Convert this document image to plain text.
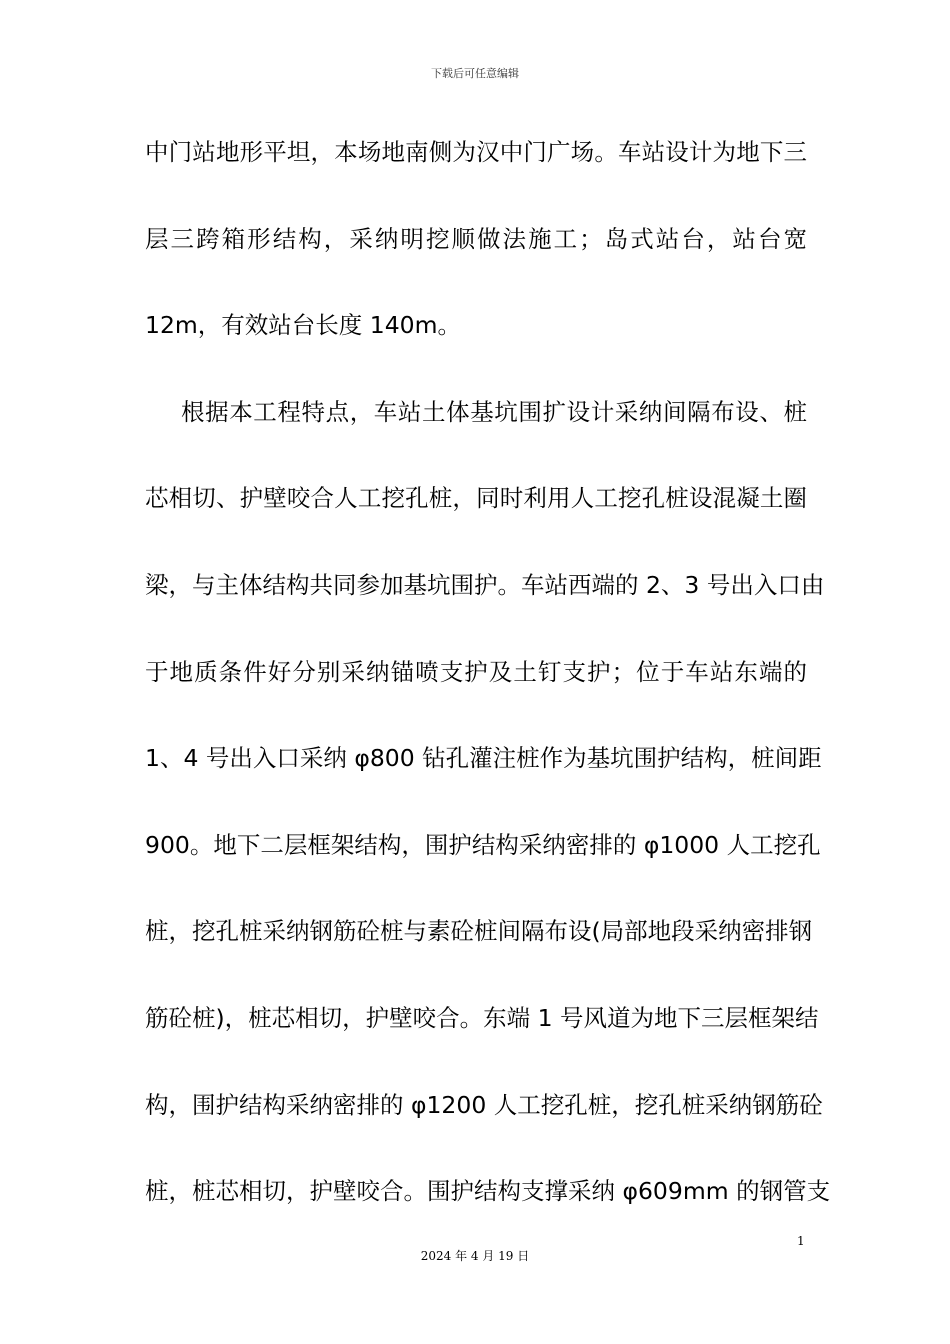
下载后可任意编辑
中门站地形平坦，本场地南侧为汉中门广场。车站设计为地下三
层三跨箱形结构，采纳明挖顺做法施工；岛式站台，站台宽
12m，有效站台长度 140m。
根据本工程特点，车站土体基坑围扩设计采纳间隔布设、桩
芯相切、护壁咬合人工挖孔桩，同时利用人工挖孔桩设混凝土圈
梁，与主体结构共同参加基坑围护。车站西端的 2、3 号出入口由
于地质条件好分别采纳锚喷支护及土钉支护；位于车站东端的
1、4 号出入口采纳 φ800 钻孔灌注桩作为基坑围护结构，桩间距
900。地下二层框架结构，围护结构采纳密排的 φ1000 人工挖孔
桩，挖孔桩采纳钢筋砼桩与素砼桩间隔布设(局部地段采纳密排钢
筋砼桩)，桩芯相切，护壁咬合。东端 1 号风道为地下三层框架结
构，围护结构采纳密排的 φ1200 人工挖孔桩，挖孔桩采纳钢筋砼
桩，桩芯相切，护壁咬合。围护结构支撑采纳 φ609mm 的钢管支
1
2024 年 4 月 19 日
